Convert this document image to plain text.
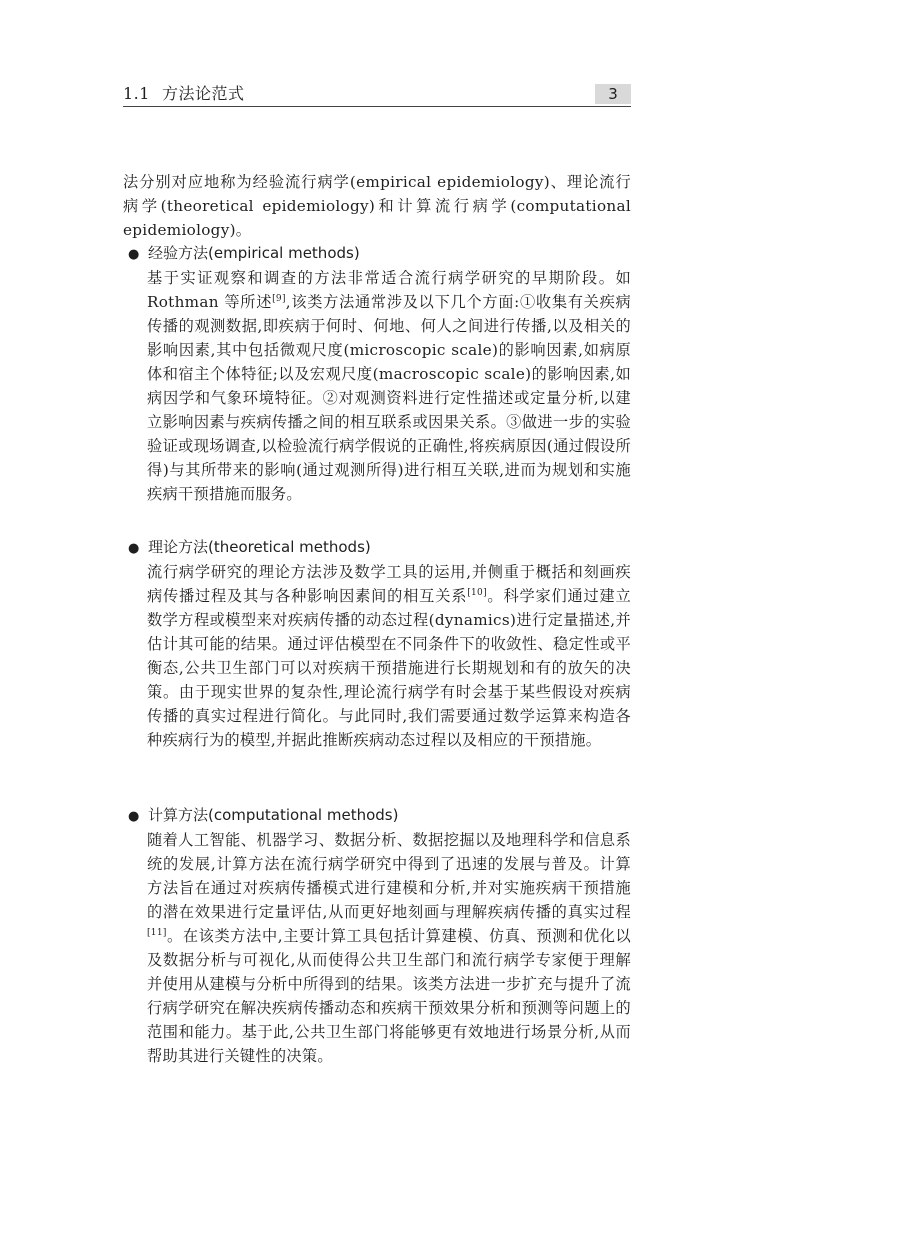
1.1 方法论范式	3

法分别对应地称为经验流行病学(empirical epidemiology)、理论流行病学(theoretical epidemiology)和计算流行病学(computational epidemiology)。

● 经验方法(empirical methods)

基于实证观察和调查的方法非常适合流行病学研究的早期阶段。如 Rothman 等所述[9],该类方法通常涉及以下几个方面:①收集有关疾病传播的观测数据,即疾病于何时、何地、何人之间进行传播,以及相关的影响因素,其中包括微观尺度(microscopic scale)的影响因素,如病原体和宿主个体特征;以及宏观尺度(macroscopic scale)的影响因素,如病因学和气象环境特征。②对观测资料进行定性描述或定量分析,以建立影响因素与疾病传播之间的相互联系或因果关系。③做进一步的实验验证或现场调查,以检验流行病学假说的正确性,将疾病原因(通过假设所得)与其所带来的影响(通过观测所得)进行相互关联,进而为规划和实施疾病干预措施而服务。

● 理论方法(theoretical methods)

流行病学研究的理论方法涉及数学工具的运用,并侧重于概括和刻画疾病传播过程及其与各种影响因素间的相互关系[10]。科学家们通过建立数学方程或模型来对疾病传播的动态过程(dynamics)进行定量描述,并估计其可能的结果。通过评估模型在不同条件下的收敛性、稳定性或平衡态,公共卫生部门可以对疾病干预措施进行长期规划和有的放矢的决策。由于现实世界的复杂性,理论流行病学有时会基于某些假设对疾病传播的真实过程进行简化。与此同时,我们需要通过数学运算来构造各种疾病行为的模型,并据此推断疾病动态过程以及相应的干预措施。

● 计算方法(computational methods)

随着人工智能、机器学习、数据分析、数据挖掘以及地理科学和信息系统的发展,计算方法在流行病学研究中得到了迅速的发展与普及。计算方法旨在通过对疾病传播模式进行建模和分析,并对实施疾病干预措施的潜在效果进行定量评估,从而更好地刻画与理解疾病传播的真实过程[11]。在该类方法中,主要计算工具包括计算建模、仿真、预测和优化以及数据分析与可视化,从而使得公共卫生部门和流行病学专家便于理解并使用从建模与分析中所得到的结果。该类方法进一步扩充与提升了流行病学研究在解决疾病传播动态和疾病干预效果分析和预测等问题上的范围和能力。基于此,公共卫生部门将能够更有效地进行场景分析,从而帮助其进行关键性的决策。
